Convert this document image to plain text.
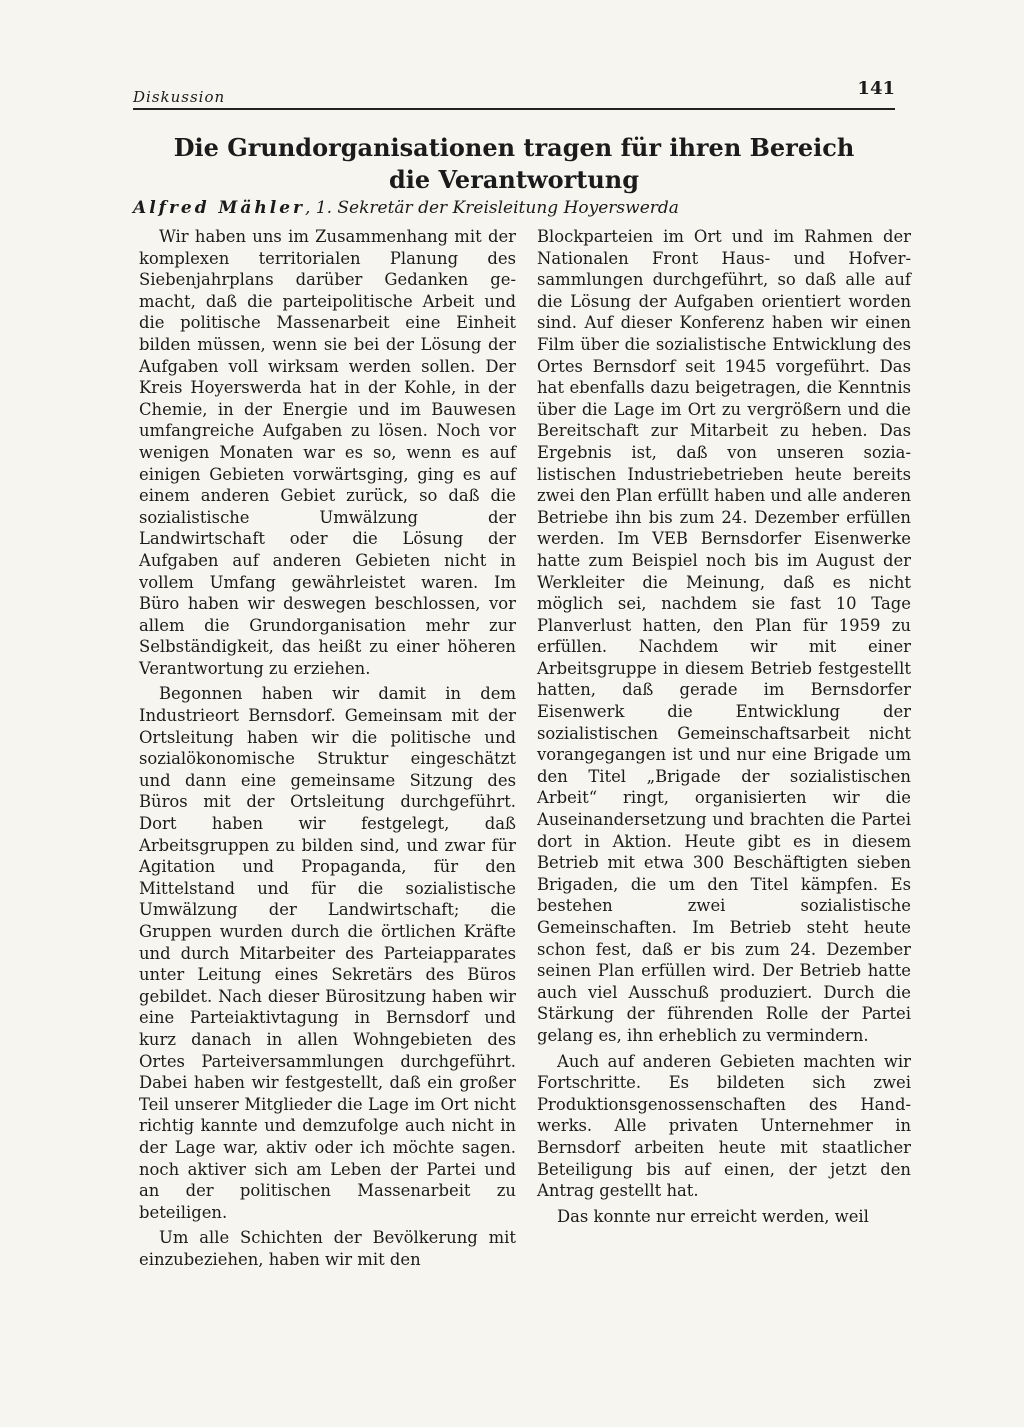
Diskussion	141
Die Grundorganisationen tragen für ihren Bereich
die Verantwortung
Alfred Mähler, 1. Sekretär der Kreisleitung Hoyerswerda

Wir haben uns im Zusammenhang mit der komplexen territorialen Planung des Siebenjahrplans darüber Gedanken gemacht, daß die parteipolitische Arbeit und die politische Massenarbeit eine Einheit bilden müssen, wenn sie bei der Lösung der Aufgaben voll wirksam werden sollen. Der Kreis Hoyerswerda hat in der Kohle, in der Chemie, in der Energie und im Bauwesen umfangreiche Aufgaben zu lösen. Noch vor wenigen Monaten war es so, wenn es auf einigen Gebieten vorwärtsging, ging es auf einem anderen Gebiet zurück, so daß die sozialistische Umwälzung der Landwirtschaft oder die Lösung der Aufgaben auf anderen Gebieten nicht in vollem Umfang gewährleistet waren. Im Büro haben wir deswegen beschlossen, vor allem die Grundorganisation mehr zur Selbständigkeit, das heißt zu einer höheren Verantwortung zu erziehen.

Begonnen haben wir damit in dem Industrieort Bernsdorf. Gemeinsam mit der Ortsleitung haben wir die politische und sozialökonomische Struktur eingeschätzt und dann eine gemeinsame Sitzung des Büros mit der Ortsleitung durchgeführt. Dort haben wir festgelegt, daß Arbeitsgruppen zu bilden sind, und zwar für Agitation und Propaganda, für den Mittelstand und für die sozialistische Umwälzung der Landwirtschaft; die Gruppen wurden durch die örtlichen Kräfte und durch Mitarbeiter des Parteiapparates unter Leitung eines Sekretärs des Büros gebildet. Nach dieser Bürositzung haben wir eine Parteiaktivtagung in Bernsdorf und kurz danach in allen Wohngebieten des Ortes Parteiversammlungen durchgeführt. Dabei haben wir festgestellt, daß ein großer Teil unserer Mitglieder die Lage im Ort nicht richtig kannte und demzufolge auch nicht in der Lage war, aktiv oder ich möchte sagen. noch aktiver sich am Leben der Partei und an der politischen Massenarbeit zu beteiligen.

Um alle Schichten der Bevölkerung mit einzubeziehen, haben wir mit den

Blockparteien im Ort und im Rahmen der Nationalen Front Haus- und Hofversammlungen durchgeführt, so daß alle auf die Lösung der Aufgaben orientiert worden sind. Auf dieser Konferenz haben wir einen Film über die sozialistische Entwicklung des Ortes Bernsdorf seit 1945 vorgeführt. Das hat ebenfalls dazu beigetragen, die Kenntnis über die Lage im Ort zu vergrößern und die Bereitschaft zur Mitarbeit zu heben. Das Ergebnis ist, daß von unseren sozialistischen Industriebetrieben heute bereits zwei den Plan erfüllt haben und alle anderen Betriebe ihn bis zum 24. Dezember erfüllen werden. Im VEB Bernsdorfer Eisenwerke hatte zum Beispiel noch bis im August der Werkleiter die Meinung, daß es nicht möglich sei, nachdem sie fast 10 Tage Planverlust hatten, den Plan für 1959 zu erfüllen. Nachdem wir mit einer Arbeitsgruppe in diesem Betrieb festgestellt hatten, daß gerade im Bernsdorfer Eisenwerk die Entwicklung der sozialistischen Gemeinschaftsarbeit nicht vorangegangen ist und nur eine Brigade um den Titel „Brigade der sozialistischen Arbeit“ ringt, organisierten wir die Auseinandersetzung und brachten die Partei dort in Aktion. Heute gibt es in diesem Betrieb mit etwa 300 Beschäftigten sieben Brigaden, die um den Titel kämpfen. Es bestehen zwei sozialistische Gemeinschaften. Im Betrieb steht heute schon fest, daß er bis zum 24. Dezember seinen Plan erfüllen wird. Der Betrieb hatte auch viel Ausschuß produziert. Durch die Stärkung der führenden Rolle der Partei gelang es, ihn erheblich zu vermindern.

Auch auf anderen Gebieten machten wir Fortschritte. Es bildeten sich zwei Produktionsgenossenschaften des Handwerks. Alle privaten Unternehmer in Bernsdorf arbeiten heute mit staatlicher Beteiligung bis auf einen, der jetzt den Antrag gestellt hat.

Das konnte nur erreicht werden, weil
